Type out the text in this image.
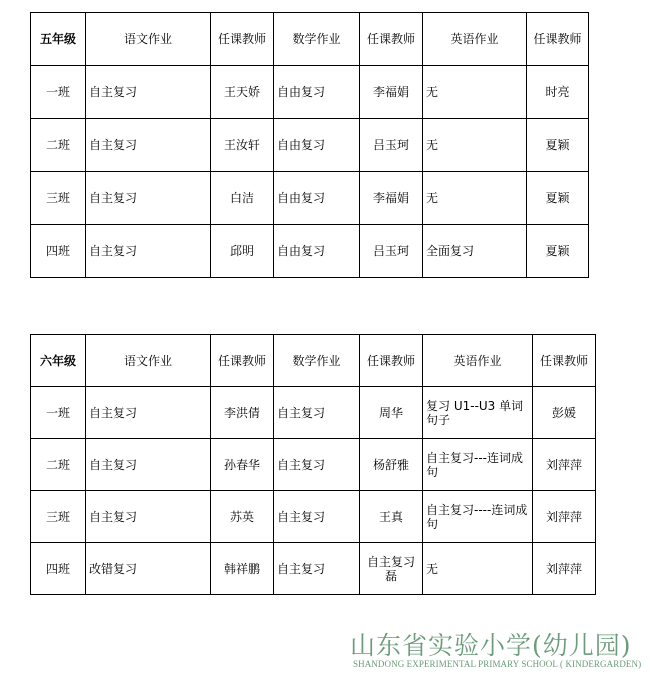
五年级	语文作业	任课教师	数学作业	任课教师	英语作业	任课教师
一班	自主复习	王天娇	自由复习	李福娟	无	时亮
二班	自主复习	王汝轩	自由复习	吕玉珂	无	夏颖
三班	自主复习	白洁	自由复习	李福娟	无	夏颖
四班	自主复习	邱明	自由复习	吕玉珂	全面复习	夏颖
六年级	语文作业	任课教师	数学作业	任课教师	英语作业	任课教师
一班	自主复习	李洪倩	自主复习	周华	复习 U1--U3 单词句子	彭媛
二班	自主复习	孙春华	自主复习	杨舒雅	自主复习---连词成句	刘萍萍
三班	自主复习	苏英	自主复习	王真	自主复习----连词成句	刘萍萍
四班	改错复习	韩祥鹏	自主复习	自主复习 磊	无	刘萍萍
山东省实验小学(幼儿园)
SHANDONG EXPERIMENTAL PRIMARY SCHOOL ( KINDERGARDEN)
